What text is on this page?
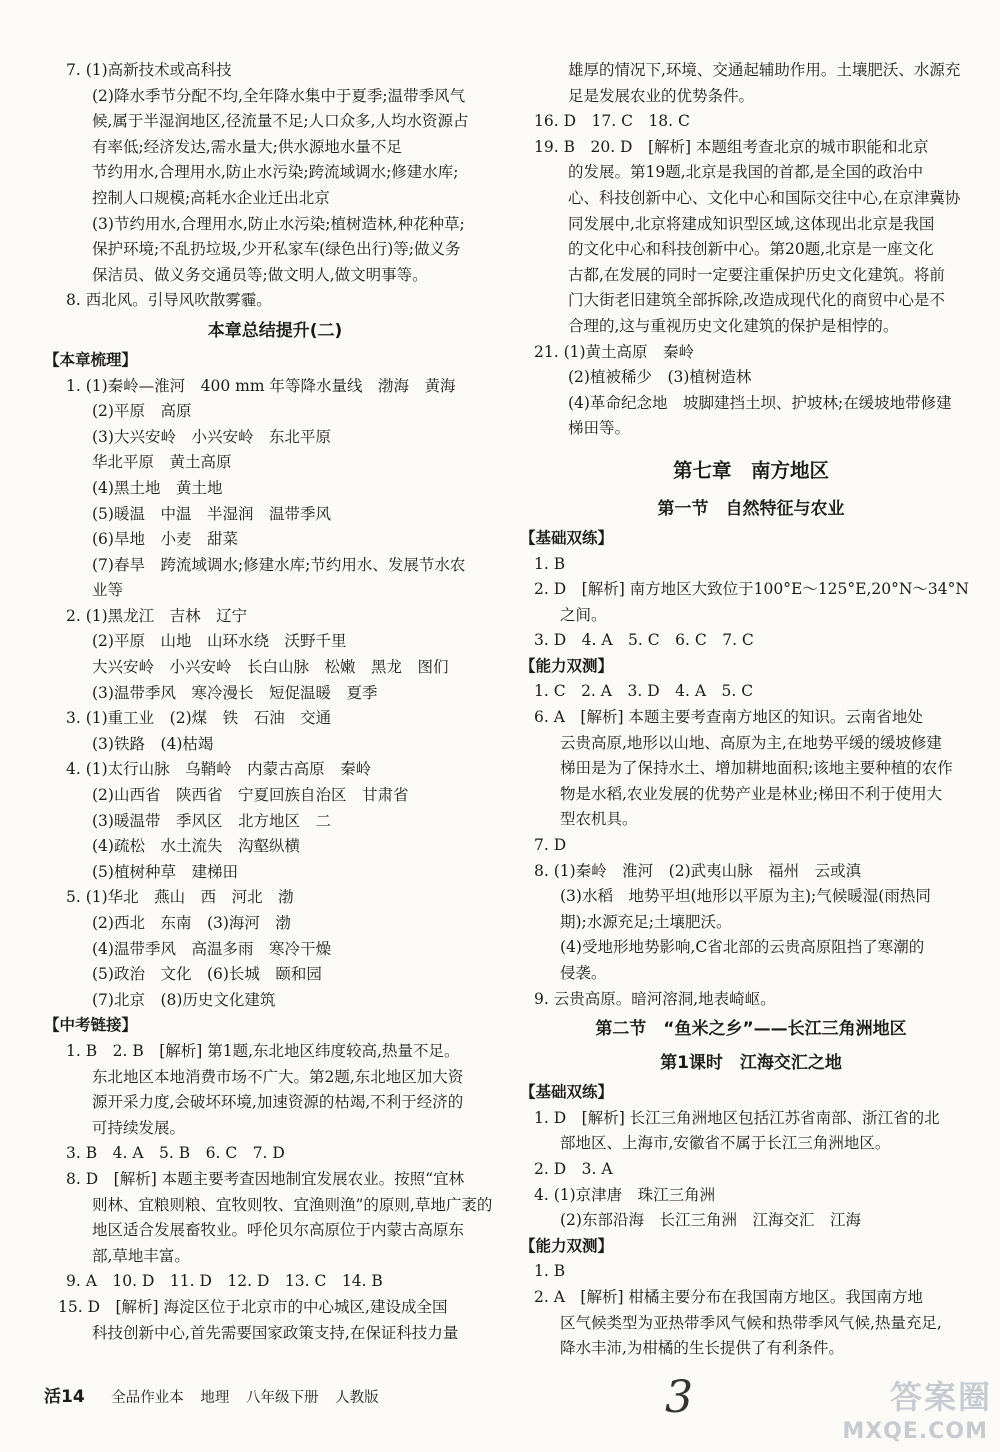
7. (1)高新技术或高科技
(2)降水季节分配不均,全年降水集中于夏季;温带季风气
候,属于半湿润地区,径流量不足;人口众多,人均水资源占
有率低;经济发达,需水量大;供水源地水量不足
节约用水,合理用水,防止水污染;跨流域调水;修建水库;
控制人口规模;高耗水企业迁出北京
(3)节约用水,合理用水,防止水污染;植树造林,种花种草;
保护环境;不乱扔垃圾,少开私家车(绿色出行)等;做义务
保洁员、做义务交通员等;做文明人,做文明事等。
8. 西北风。引导风吹散雾霾。
本章总结提升(二)
【本章梳理】
1. (1)秦岭—淮河　400 mm 年等降水量线　渤海　黄海
(2)平原　高原
(3)大兴安岭　小兴安岭　东北平原
华北平原　黄土高原
(4)黑土地　黄土地
(5)暖温　中温　半湿润　温带季风
(6)旱地　小麦　甜菜
(7)春旱　跨流域调水;修建水库;节约用水、发展节水农
业等
2. (1)黑龙江　吉林　辽宁
(2)平原　山地　山环水绕　沃野千里
大兴安岭　小兴安岭　长白山脉　松嫩　黑龙　图们
(3)温带季风　寒冷漫长　短促温暖　夏季
3. (1)重工业　(2)煤　铁　石油　交通
(3)铁路　(4)枯竭
4. (1)太行山脉　乌鞘岭　内蒙古高原　秦岭
(2)山西省　陕西省　宁夏回族自治区　甘肃省
(3)暖温带　季风区　北方地区　二
(4)疏松　水土流失　沟壑纵横
(5)植树种草　建梯田
5. (1)华北　燕山　西　河北　渤
(2)西北　东南　(3)海河　渤
(4)温带季风　高温多雨　寒冷干燥
(5)政治　文化　(6)长城　颐和园
(7)北京　(8)历史文化建筑
【中考链接】
1. B　2. B　[解析] 第1题,东北地区纬度较高,热量不足。
东北地区本地消费市场不广大。第2题,东北地区加大资
源开采力度,会破坏环境,加速资源的枯竭,不利于经济的
可持续发展。
3. B　4. A　5. B　6. C　7. D
8. D　[解析] 本题主要考查因地制宜发展农业。按照“宜林
则林、宜粮则粮、宜牧则牧、宜渔则渔”的原则,草地广袤的
地区适合发展畜牧业。呼伦贝尔高原位于内蒙古高原东
部,草地丰富。
9. A　10. D　11. D　12. D　13. C　14. B
15. D　[解析] 海淀区位于北京市的中心城区,建设成全国
科技创新中心,首先需要国家政策支持,在保证科技力量
雄厚的情况下,环境、交通起辅助作用。土壤肥沃、水源充
足是发展农业的优势条件。
16. D　17. C　18. C
19. B　20. D　[解析] 本题组考查北京的城市职能和北京
的发展。第19题,北京是我国的首都,是全国的政治中
心、科技创新中心、文化中心和国际交往中心,在京津冀协
同发展中,北京将建成知识型区域,这体现出北京是我国
的文化中心和科技创新中心。第20题,北京是一座文化
古都,在发展的同时一定要注重保护历史文化建筑。将前
门大街老旧建筑全部拆除,改造成现代化的商贸中心是不
合理的,这与重视历史文化建筑的保护是相悖的。
21. (1)黄土高原　秦岭
(2)植被稀少　(3)植树造林
(4)革命纪念地　坡脚建挡土坝、护坡林;在缓坡地带修建
梯田等。
第七章　南方地区
第一节　自然特征与农业
【基础双练】
1. B
2. D　[解析] 南方地区大致位于100°E～125°E,20°N～34°N
之间。
3. D　4. A　5. C　6. C　7. C
【能力双测】
1. C　2. A　3. D　4. A　5. C
6. A　[解析] 本题主要考查南方地区的知识。云南省地处
云贵高原,地形以山地、高原为主,在地势平缓的缓坡修建
梯田是为了保持水土、增加耕地面积;该地主要种植的农作
物是水稻,农业发展的优势产业是林业;梯田不利于使用大
型农机具。
7. D
8. (1)秦岭　淮河　(2)武夷山脉　福州　云或滇
(3)水稻　地势平坦(地形以平原为主);气候暖湿(雨热同
期);水源充足;土壤肥沃。
(4)受地形地势影响,C省北部的云贵高原阻挡了寒潮的
侵袭。
9. 云贵高原。暗河溶洞,地表崎岖。
第二节　“鱼米之乡”——长江三角洲地区
第1课时　江海交汇之地
【基础双练】
1. D　[解析] 长江三角洲地区包括江苏省南部、浙江省的北
部地区、上海市,安徽省不属于长江三角洲地区。
2. D　3. A
4. (1)京津唐　珠江三角洲
(2)东部沿海　长江三角洲　江海交汇　江海
【能力双测】
1. B
2. A　[解析] 柑橘主要分布在我国南方地区。我国南方地
区气候类型为亚热带季风气候和热带季风气候,热量充足,
降水丰沛,为柑橘的生长提供了有利条件。
活14 全品作业本 地理 八年级下册 人教版	3	答案圈
MXQE.COM
